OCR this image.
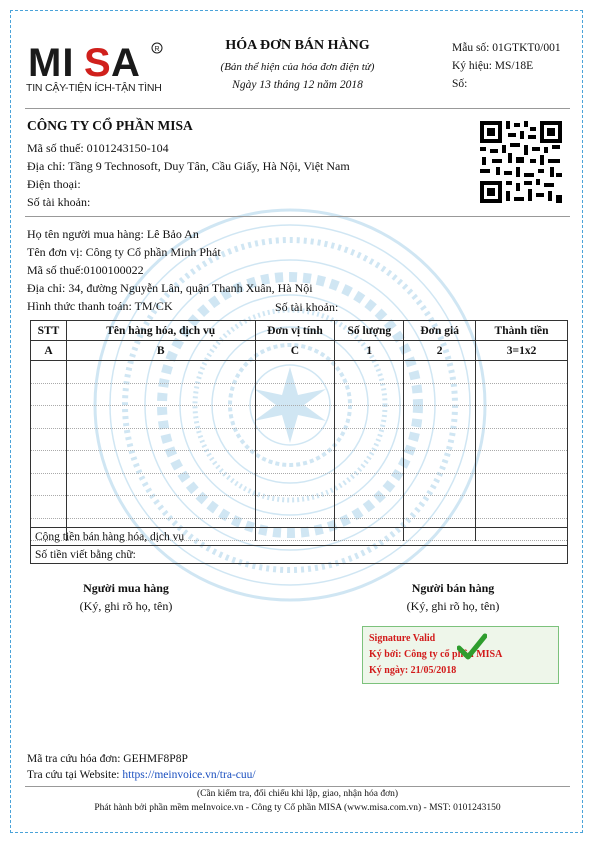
MI S A R
TIN CẬY-TIỆN ÍCH-TẬN TÌNH
HÓA ĐƠN BÁN HÀNG
(Bản thể hiện của hóa đơn điện tử)
Ngày 13 tháng 12 năm 2018
Mẫu số: 01GTKT0/001
Ký hiệu: MS/18E
Số:
CÔNG TY CỔ PHẦN MISA
Mã số thuế: 0101243150-104
Địa chỉ: Tầng 9 Technosoft, Duy Tân, Cầu Giấy, Hà Nội, Việt Nam
Điện thoại:
Số tài khoản:
Họ tên người mua hàng: Lê Bảo An
Tên đơn vị: Công ty Cổ phần Minh Phát
Mã số thuế:0100100022
Địa chỉ: 34, đường Nguyễn Lân, quận Thanh Xuân, Hà Nội
Hình thức thanh toán: TM/CK	Số tài khoản:
STT	Tên hàng hóa, dịch vụ	Đơn vị tính	Số lượng	Đơn giá	Thành tiền
A	B	C	1	2	3=1x2

Cộng tiền bán hàng hóa, dịch vụ
Số tiền viết bằng chữ:
Người mua hàng
(Ký, ghi rõ họ, tên)
Người bán hàng
(Ký, ghi rõ họ, tên)
Signature Valid
Ký bởi: Công ty cổ phần MISA
Ký ngày: 21/05/2018
Mã tra cứu hóa đơn: GEHMF8P8P
Tra cứu tại Website: https://meinvoice.vn/tra-cuu/
(Cần kiểm tra, đối chiếu khi lập, giao, nhận hóa đơn)
Phát hành bởi phần mềm meInvoice.vn - Công ty Cổ phần MISA (www.misa.com.vn) - MST: 0101243150
